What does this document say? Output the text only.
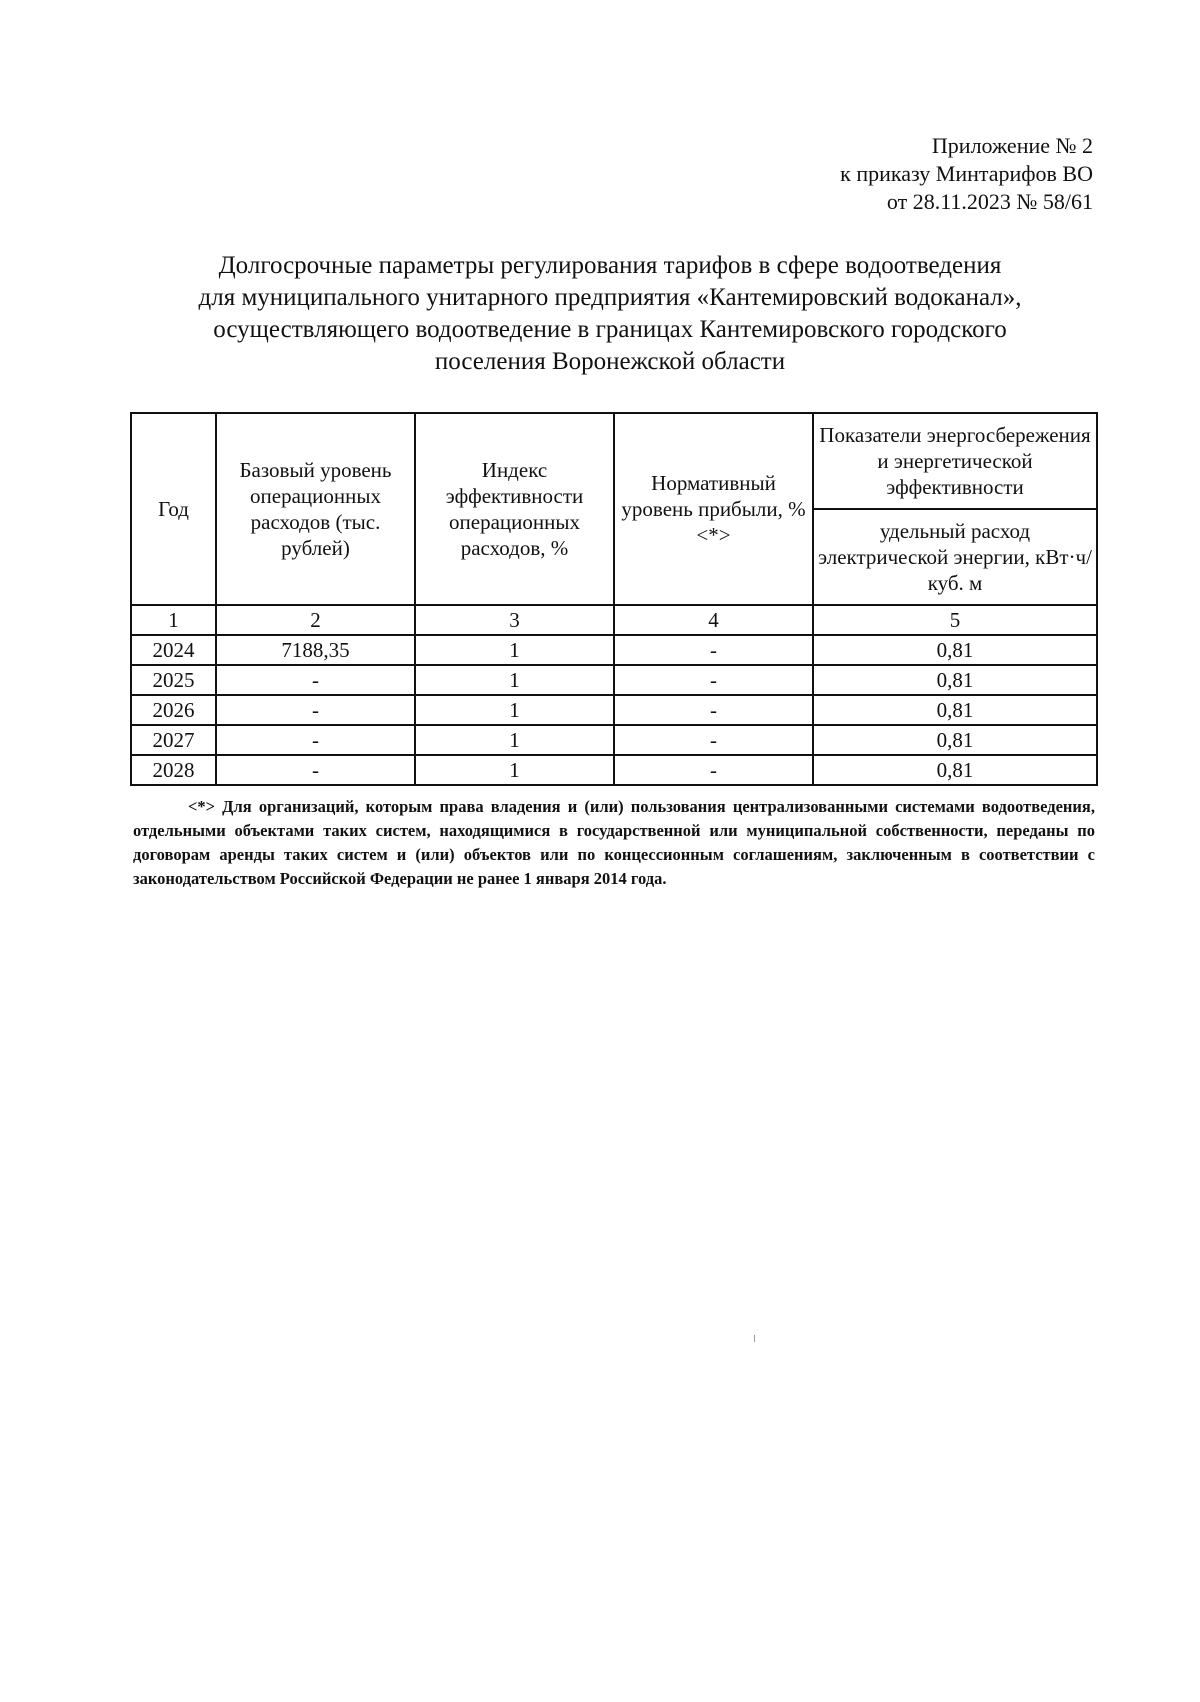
Приложение № 2
к приказу Минтарифов ВО
от 28.11.2023 № 58/61
Долгосрочные параметры регулирования тарифов в сфере водоотведения
для муниципального унитарного предприятия «Кантемировский водоканал»,
осуществляющего водоотведение в границах Кантемировского городского
поселения Воронежской области
Год	Базовый уровень операционных расходов (тыс. рублей)	Индекс эффективности операционных расходов, %	Нормативный уровень прибыли, % <*>	Показатели энергосбережения и энергетической эффективности
				удельный расход электрической энергии, кВт·ч/куб. м
1	2	3	4	5
2024	7188,35	1	-	0,81
2025	-	1	-	0,81
2026	-	1	-	0,81
2027	-	1	-	0,81
2028	-	1	-	0,81
<*> Для организаций, которым права владения и (или) пользования централизованными системами водоотведения, отдельными объектами таких систем, находящимися в государственной или муниципальной собственности, переданы по договорам аренды таких систем и (или) объектов или по концессионным соглашениям, заключенным в соответствии с законодательством Российской Федерации не ранее 1 января 2014 года.
